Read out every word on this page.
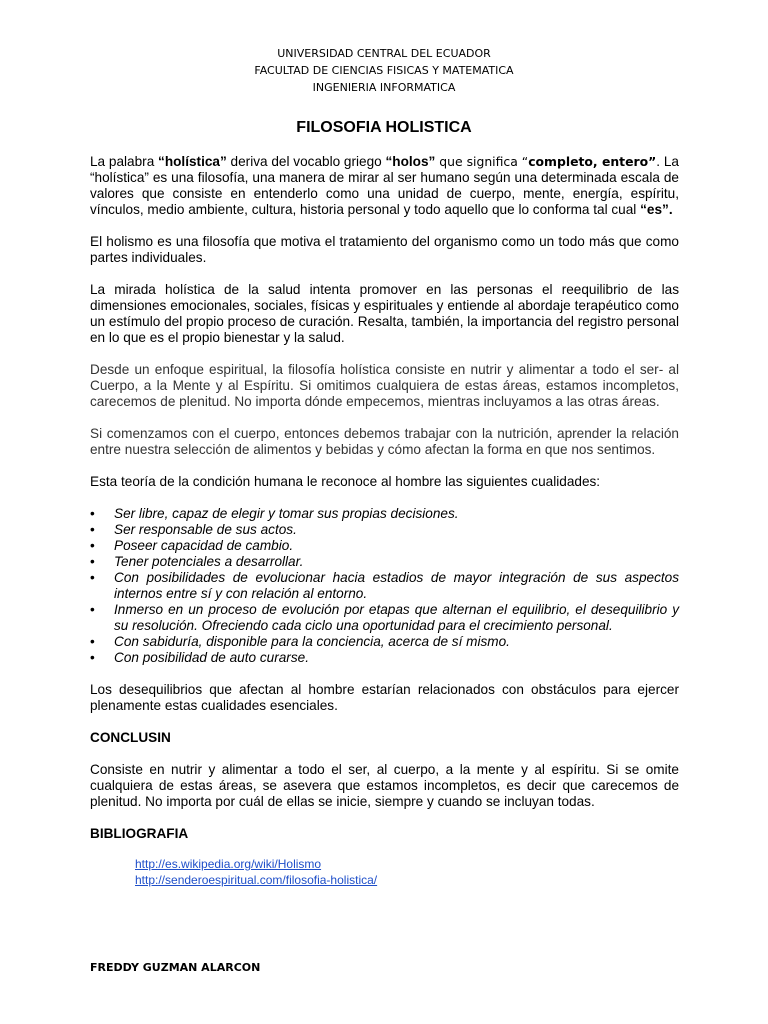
UNIVERSIDAD CENTRAL DEL ECUADOR
FACULTAD DE CIENCIAS FISICAS Y MATEMATICA
INGENIERIA INFORMATICA
FILOSOFIA HOLISTICA

La palabra “holística” deriva del vocablo griego “holos” que significa “completo, entero”. La “holística” es una filosofía, una manera de mirar al ser humano según una determinada escala de valores que consiste en entenderlo como una unidad de cuerpo, mente, energía, espíritu, vínculos, medio ambiente, cultura, historia personal y todo aquello que lo conforma tal cual “es”.

El holismo es una filosofía que motiva el tratamiento del organismo como un todo más que como partes individuales.

La mirada holística de la salud intenta promover en las personas el reequilibrio de las dimensiones emocionales, sociales, físicas y espirituales y entiende al abordaje terapéutico como un estímulo del propio proceso de curación. Resalta, también, la importancia del registro personal en lo que es el propio bienestar y la salud.

Desde un enfoque espiritual, la filosofía holística consiste en nutrir y alimentar a todo el ser- al Cuerpo, a la Mente y al Espíritu. Si omitimos cualquiera de estas áreas, estamos incompletos, carecemos de plenitud. No importa dónde empecemos, mientras incluyamos a las otras áreas.

Si comenzamos con el cuerpo, entonces debemos trabajar con la nutrición, aprender la relación entre nuestra selección de alimentos y bebidas y cómo afectan la forma en que nos sentimos.

Esta teoría de la condición humana le reconoce al hombre las siguientes cualidades:

• Ser libre, capaz de elegir y tomar sus propias decisiones.
• Ser responsable de sus actos.
• Poseer capacidad de cambio.
• Tener potenciales a desarrollar.
• Con posibilidades de evolucionar hacia estadios de mayor integración de sus aspectos internos entre sí y con relación al entorno.
• Inmerso en un proceso de evolución por etapas que alternan el equilibrio, el desequilibrio y su resolución. Ofreciendo cada ciclo una oportunidad para el crecimiento personal.
• Con sabiduría, disponible para la conciencia, acerca de sí mismo.
• Con posibilidad de auto curarse.

Los desequilibrios que afectan al hombre estarían relacionados con obstáculos para ejercer plenamente estas cualidades esenciales.

CONCLUSIN

Consiste en nutrir y alimentar a todo el ser, al cuerpo, a la mente y al espíritu. Si se omite cualquiera de estas áreas, se asevera que estamos incompletos, es decir que carecemos de plenitud. No importa por cuál de ellas se inicie, siempre y cuando se incluyan todas.

BIBLIOGRAFIA
http://es.wikipedia.org/wiki/Holismo
http://senderoespiritual.com/filosofia-holistica/
FREDDY GUZMAN ALARCON
